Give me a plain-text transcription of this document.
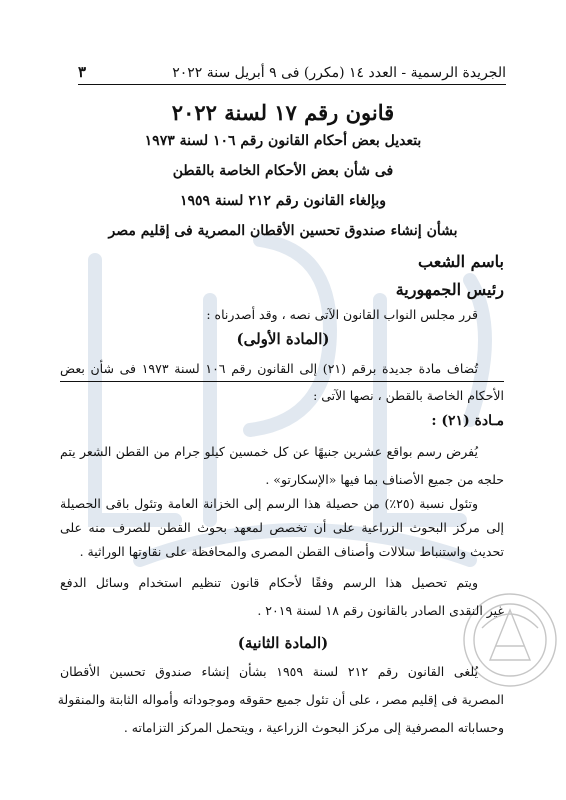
الجريدة الرسمية - العدد ١٤ (مكرر) فى ٩ أبريل سنة ٢٠٢٢
٣
قانون رقم ١٧ لسنة ٢٠٢٢
بتعديل بعض أحكام القانون رقم ١٠٦ لسنة ١٩٧٣
فى شأن بعض الأحكام الخاصة بالقطن
وبإلغاء القانون رقم ٢١٢ لسنة ١٩٥٩
بشأن إنشاء صندوق تحسين الأقطان المصرية فى إقليم مصر
باسم الشعب
رئيس الجمهورية
قرر مجلس النواب القانون الآتى نصه ، وقد أصدرناه :
(المادة الأولى)
تُضاف مادة جديدة برقم (٢١) إلى القانون رقم ١٠٦ لسنة ١٩٧٣ فى شأن بعض
الأحكام الخاصة بالقطن ، نصها الآتى :
مـادة (٢١) :
يُفرض رسم بواقع عشرين جنيهًا عن كل خمسين كيلو جرام من القطن الشعر يتم
حلجه من جميع الأصناف بما فيها «الإسكارتو» .
وتئول نسبة (٢٥٪) من حصيلة هذا الرسم إلى الخزانة العامة وتئول باقى الحصيلة
إلى مركز البحوث الزراعية على أن تخصص لمعهد بحوث القطن للصرف منه على
تحديث واستنباط سلالات وأصناف القطن المصرى والمحافظة على نقاوتها الوراثية .
ويتم تحصيل هذا الرسم وفقًا لأحكام قانون تنظيم استخدام وسائل الدفع
غير النقدى الصادر بالقانون رقم ١٨ لسنة ٢٠١٩ .
(المادة الثانية)
يُلغى القانون رقم ٢١٢ لسنة ١٩٥٩ بشأن إنشاء صندوق تحسين الأقطان
المصرية فى إقليم مصر ، على أن تئول جميع حقوقه وموجوداته وأمواله الثابتة والمنقولة
وحساباته المصرفية إلى مركز البحوث الزراعية ، ويتحمل المركز التزاماته .
